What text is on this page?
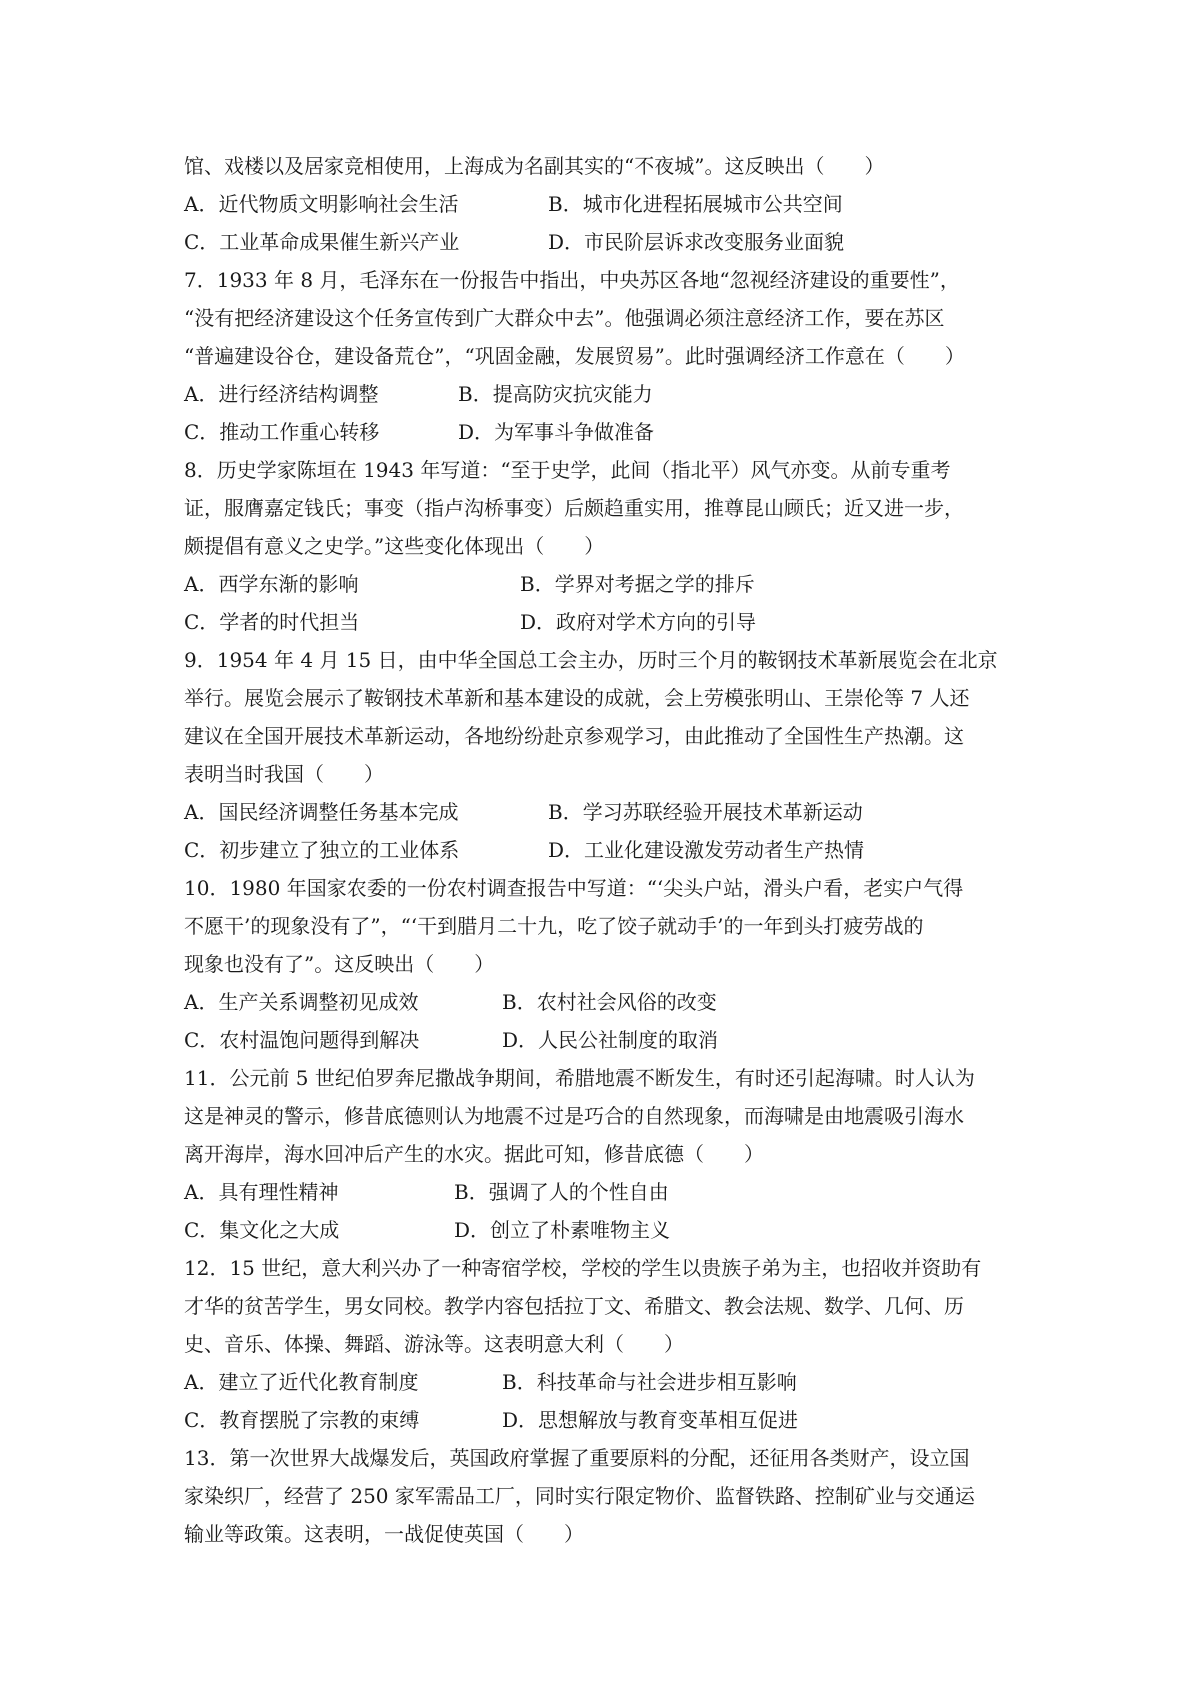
馆、戏楼以及居家竞相使用，上海成为名副其实的“不夜城”。这反映出（　　）
A．近代物质文明影响社会生活	B．城市化进程拓展城市公共空间
C．工业革命成果催生新兴产业	D．市民阶层诉求改变服务业面貌
7．1933 年 8 月，毛泽东在一份报告中指出，中央苏区各地“忽视经济建设的重要性”，
“没有把经济建设这个任务宣传到广大群众中去”。他强调必须注意经济工作，要在苏区
“普遍建设谷仓，建设备荒仓”，“巩固金融，发展贸易”。此时强调经济工作意在（　　）
A．进行经济结构调整	B．提高防灾抗灾能力
C．推动工作重心转移	D．为军事斗争做准备
8．历史学家陈垣在 1943 年写道：“至于史学，此间（指北平）风气亦变。从前专重考
证，服膺嘉定钱氏；事变（指卢沟桥事变）后颇趋重实用，推尊昆山顾氏；近又进一步，
颇提倡有意义之史学。”这些变化体现出（　　）
A．西学东渐的影响	B．学界对考据之学的排斥
C．学者的时代担当	D．政府对学术方向的引导
9．1954 年 4 月 15 日，由中华全国总工会主办，历时三个月的鞍钢技术革新展览会在北京
举行。展览会展示了鞍钢技术革新和基本建设的成就，会上劳模张明山、王崇伦等 7 人还
建议在全国开展技术革新运动，各地纷纷赴京参观学习，由此推动了全国性生产热潮。这
表明当时我国（　　）
A．国民经济调整任务基本完成	B．学习苏联经验开展技术革新运动
C．初步建立了独立的工业体系	D．工业化建设激发劳动者生产热情
10．1980 年国家农委的一份农村调查报告中写道：“‘尖头户站，滑头户看，老实户气得
不愿干’的现象没有了”，“‘干到腊月二十九，吃了饺子就动手’的一年到头打疲劳战的
现象也没有了”。这反映出（　　）
A．生产关系调整初见成效	B．农村社会风俗的改变
C．农村温饱问题得到解决	D．人民公社制度的取消
11．公元前 5 世纪伯罗奔尼撒战争期间，希腊地震不断发生，有时还引起海啸。时人认为
这是神灵的警示，修昔底德则认为地震不过是巧合的自然现象，而海啸是由地震吸引海水
离开海岸，海水回冲后产生的水灾。据此可知，修昔底德（　　）
A．具有理性精神	B．强调了人的个性自由
C．集文化之大成	D．创立了朴素唯物主义
12．15 世纪，意大利兴办了一种寄宿学校，学校的学生以贵族子弟为主，也招收并资助有
才华的贫苦学生，男女同校。教学内容包括拉丁文、希腊文、教会法规、数学、几何、历
史、音乐、体操、舞蹈、游泳等。这表明意大利（　　）
A．建立了近代化教育制度	B．科技革命与社会进步相互影响
C．教育摆脱了宗教的束缚	D．思想解放与教育变革相互促进
13．第一次世界大战爆发后，英国政府掌握了重要原料的分配，还征用各类财产，设立国
家染织厂，经营了 250 家军需品工厂，同时实行限定物价、监督铁路、控制矿业与交通运
输业等政策。这表明，一战促使英国（　　）
